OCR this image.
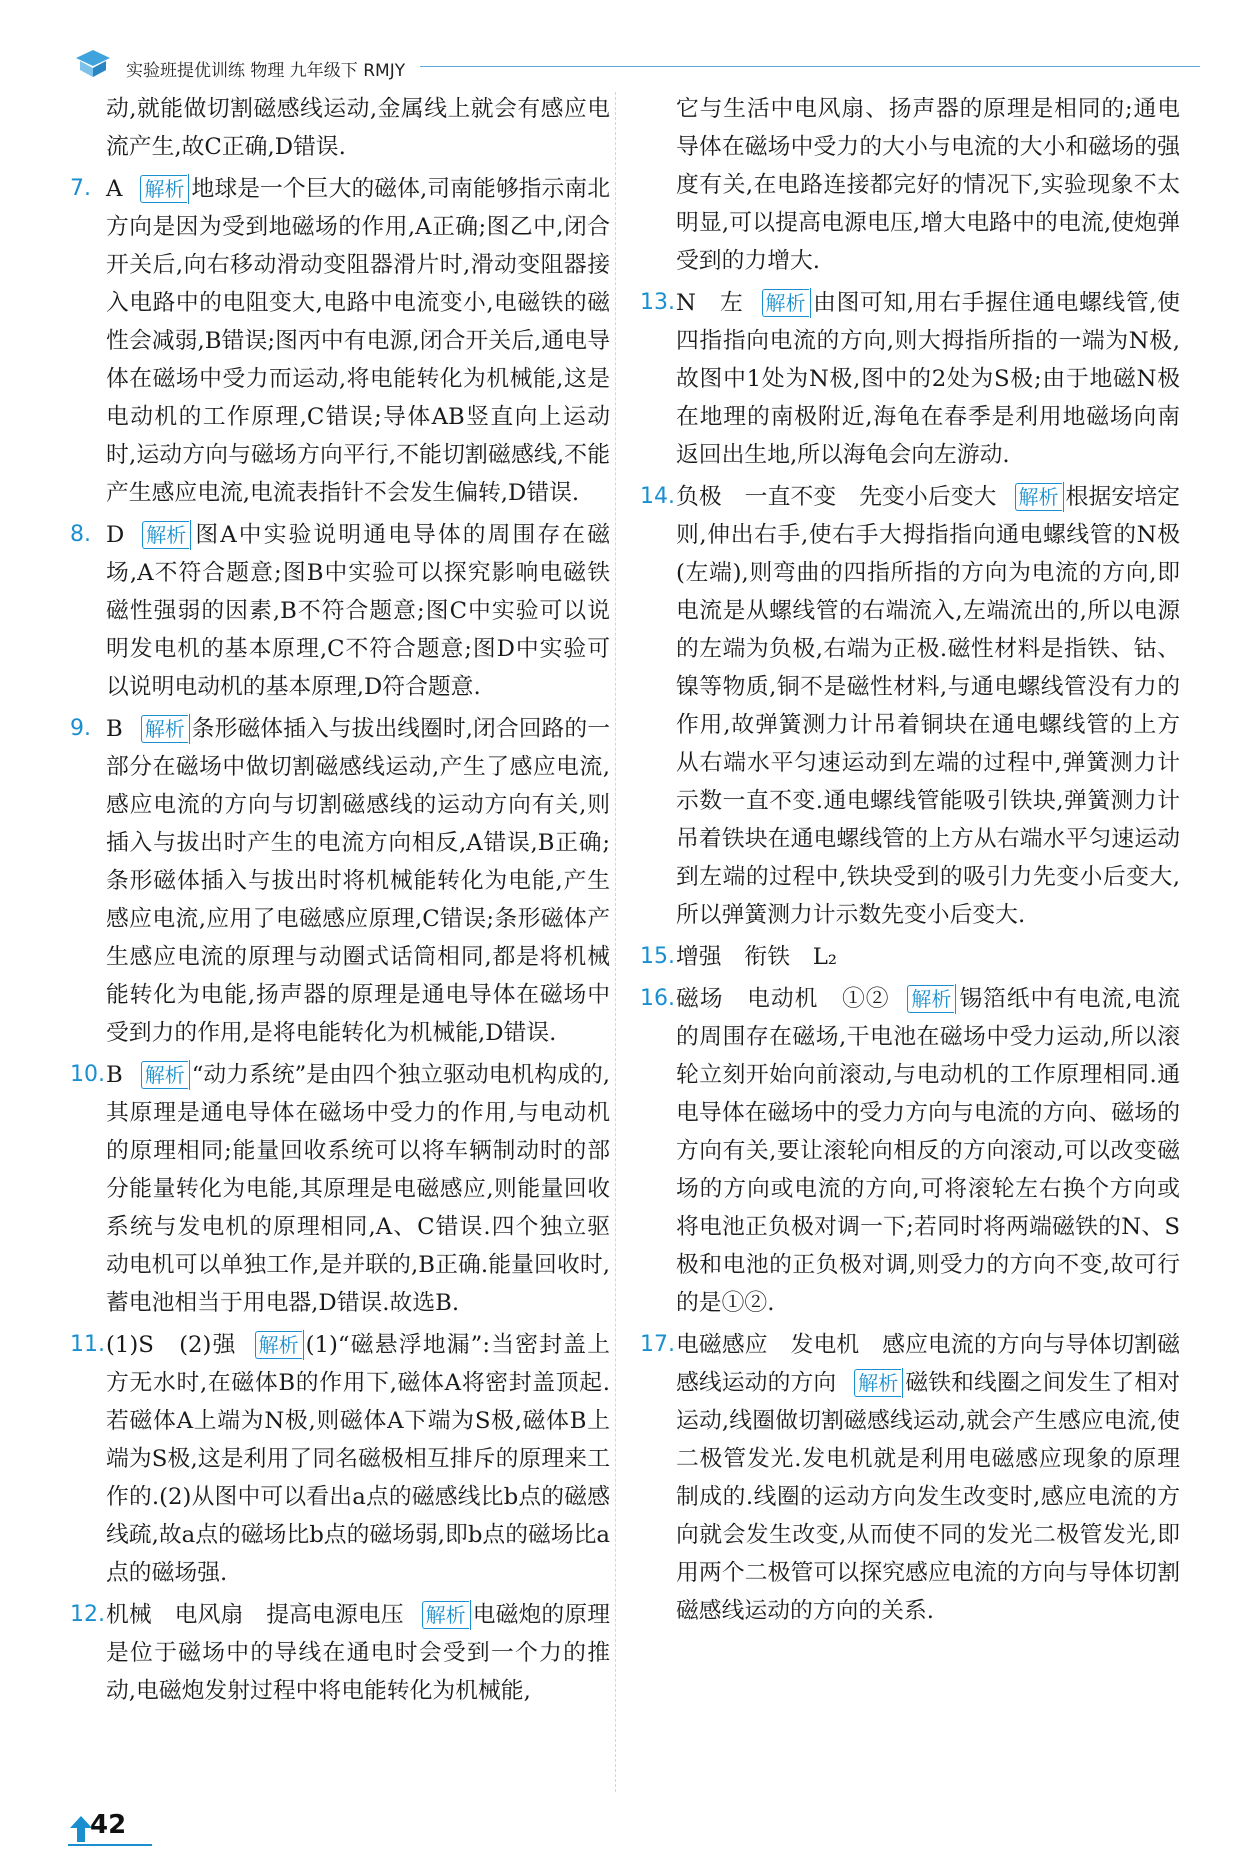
实验班提优训练 物理 九年级下 RMJY

动,就能做切割磁感线运动,金属线上就会有感应电流产生,故C正确,D错误.

7. A 解析 地球是一个巨大的磁体,司南能够指示南北方向是因为受到地磁场的作用,A正确;图乙中,闭合开关后,向右移动滑动变阻器滑片时,滑动变阻器接入电路中的电阻变大,电路中电流变小,电磁铁的磁性会减弱,B错误;图丙中有电源,闭合开关后,通电导体在磁场中受力而运动,将电能转化为机械能,这是电动机的工作原理,C错误;导体AB竖直向上运动时,运动方向与磁场方向平行,不能切割磁感线,不能产生感应电流,电流表指针不会发生偏转,D错误.

8. D 解析 图A中实验说明通电导体的周围存在磁场,A不符合题意;图B中实验可以探究影响电磁铁磁性强弱的因素,B不符合题意;图C中实验可以说明发电机的基本原理,C不符合题意;图D中实验可以说明电动机的基本原理,D符合题意.

9. B 解析 条形磁体插入与拔出线圈时,闭合回路的一部分在磁场中做切割磁感线运动,产生了感应电流,感应电流的方向与切割磁感线的运动方向有关,则插入与拔出时产生的电流方向相反,A错误,B正确;条形磁体插入与拔出时将机械能转化为电能,产生感应电流,应用了电磁感应原理,C错误;条形磁体产生感应电流的原理与动圈式话筒相同,都是将机械能转化为电能,扬声器的原理是通电导体在磁场中受到力的作用,是将电能转化为机械能,D错误.

10. B 解析 “动力系统”是由四个独立驱动电机构成的,其原理是通电导体在磁场中受力的作用,与电动机的原理相同;能量回收系统可以将车辆制动时的部分能量转化为电能,其原理是电磁感应,则能量回收系统与发电机的原理相同,A、C错误.四个独立驱动电机可以单独工作,是并联的,B正确.能量回收时,蓄电池相当于用电器,D错误.故选B.

11. (1)S　(2)强 解析 (1)“磁悬浮地漏”:当密封盖上方无水时,在磁体B的作用下,磁体A将密封盖顶起.若磁体A上端为N极,则磁体A下端为S极,磁体B上端为S极,这是利用了同名磁极相互排斥的原理来工作的.(2)从图中可以看出a点的磁感线比b点的磁感线疏,故a点的磁场比b点的磁场弱,即b点的磁场比a点的磁场强.

12. 机械　电风扇　提高电源电压 解析 电磁炮的原理是位于磁场中的导线在通电时会受到一个力的推动,电磁炮发射过程中将电能转化为机械能,

它与生活中电风扇、扬声器的原理是相同的;通电导体在磁场中受力的大小与电流的大小和磁场的强度有关,在电路连接都完好的情况下,实验现象不太明显,可以提高电源电压,增大电路中的电流,使炮弹受到的力增大.

13. N　左 解析 由图可知,用右手握住通电螺线管,使四指指向电流的方向,则大拇指所指的一端为N极,故图中1处为N极,图中的2处为S极;由于地磁N极在地理的南极附近,海龟在春季是利用地磁场向南返回出生地,所以海龟会向左游动.

14. 负极　一直不变　先变小后变大 解析 根据安培定则,伸出右手,使右手大拇指指向通电螺线管的N极(左端),则弯曲的四指所指的方向为电流的方向,即电流是从螺线管的右端流入,左端流出的,所以电源的左端为负极,右端为正极.磁性材料是指铁、钴、镍等物质,铜不是磁性材料,与通电螺线管没有力的作用,故弹簧测力计吊着铜块在通电螺线管的上方从右端水平匀速运动到左端的过程中,弹簧测力计示数一直不变.通电螺线管能吸引铁块,弹簧测力计吊着铁块在通电螺线管的上方从右端水平匀速运动到左端的过程中,铁块受到的吸引力先变小后变大,所以弹簧测力计示数先变小后变大.

15. 增强　衔铁　L₂

16. 磁场　电动机　①② 解析 锡箔纸中有电流,电流的周围存在磁场,干电池在磁场中受力运动,所以滚轮立刻开始向前滚动,与电动机的工作原理相同.通电导体在磁场中的受力方向与电流的方向、磁场的方向有关,要让滚轮向相反的方向滚动,可以改变磁场的方向或电流的方向,可将滚轮左右换个方向或将电池正负极对调一下;若同时将两端磁铁的N、S极和电池的正负极对调,则受力的方向不变,故可行的是①②.

17. 电磁感应　发电机　感应电流的方向与导体切割磁感线运动的方向 解析 磁铁和线圈之间发生了相对运动,线圈做切割磁感线运动,就会产生感应电流,使二极管发光.发电机就是利用电磁感应现象的原理制成的.线圈的运动方向发生改变时,感应电流的方向就会发生改变,从而使不同的发光二极管发光,即用两个二极管可以探究感应电流的方向与导体切割磁感线运动的方向的关系.

42
